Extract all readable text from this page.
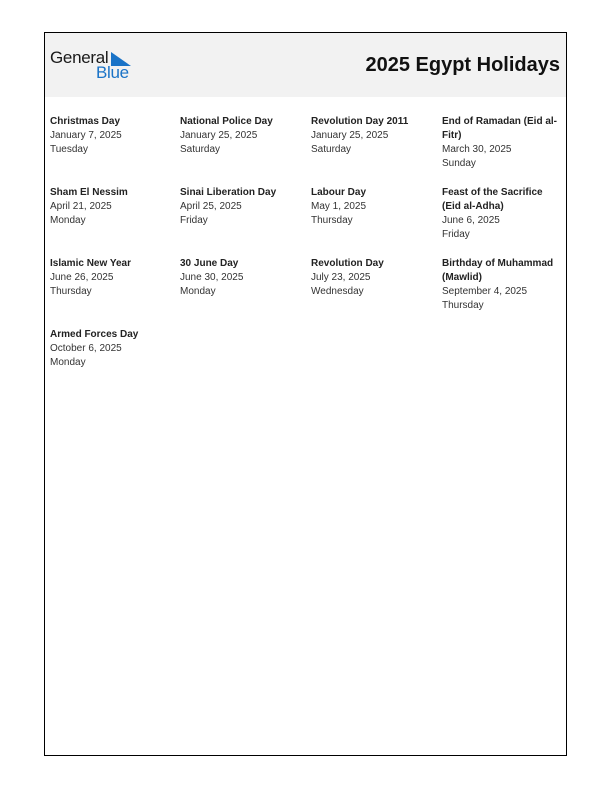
General
Blue	2025 Egypt Holidays
Christmas Day
January 7, 2025
Tuesday
National Police Day
January 25, 2025
Saturday
Revolution Day 2011
January 25, 2025
Saturday
End of Ramadan (Eid al-Fitr)
March 30, 2025
Sunday
Sham El Nessim
April 21, 2025
Monday
Sinai Liberation Day
April 25, 2025
Friday
Labour Day
May 1, 2025
Thursday
Feast of the Sacrifice (Eid al-Adha)
June 6, 2025
Friday
Islamic New Year
June 26, 2025
Thursday
30 June Day
June 30, 2025
Monday
Revolution Day
July 23, 2025
Wednesday
Birthday of Muhammad (Mawlid)
September 4, 2025
Thursday
Armed Forces Day
October 6, 2025
Monday
